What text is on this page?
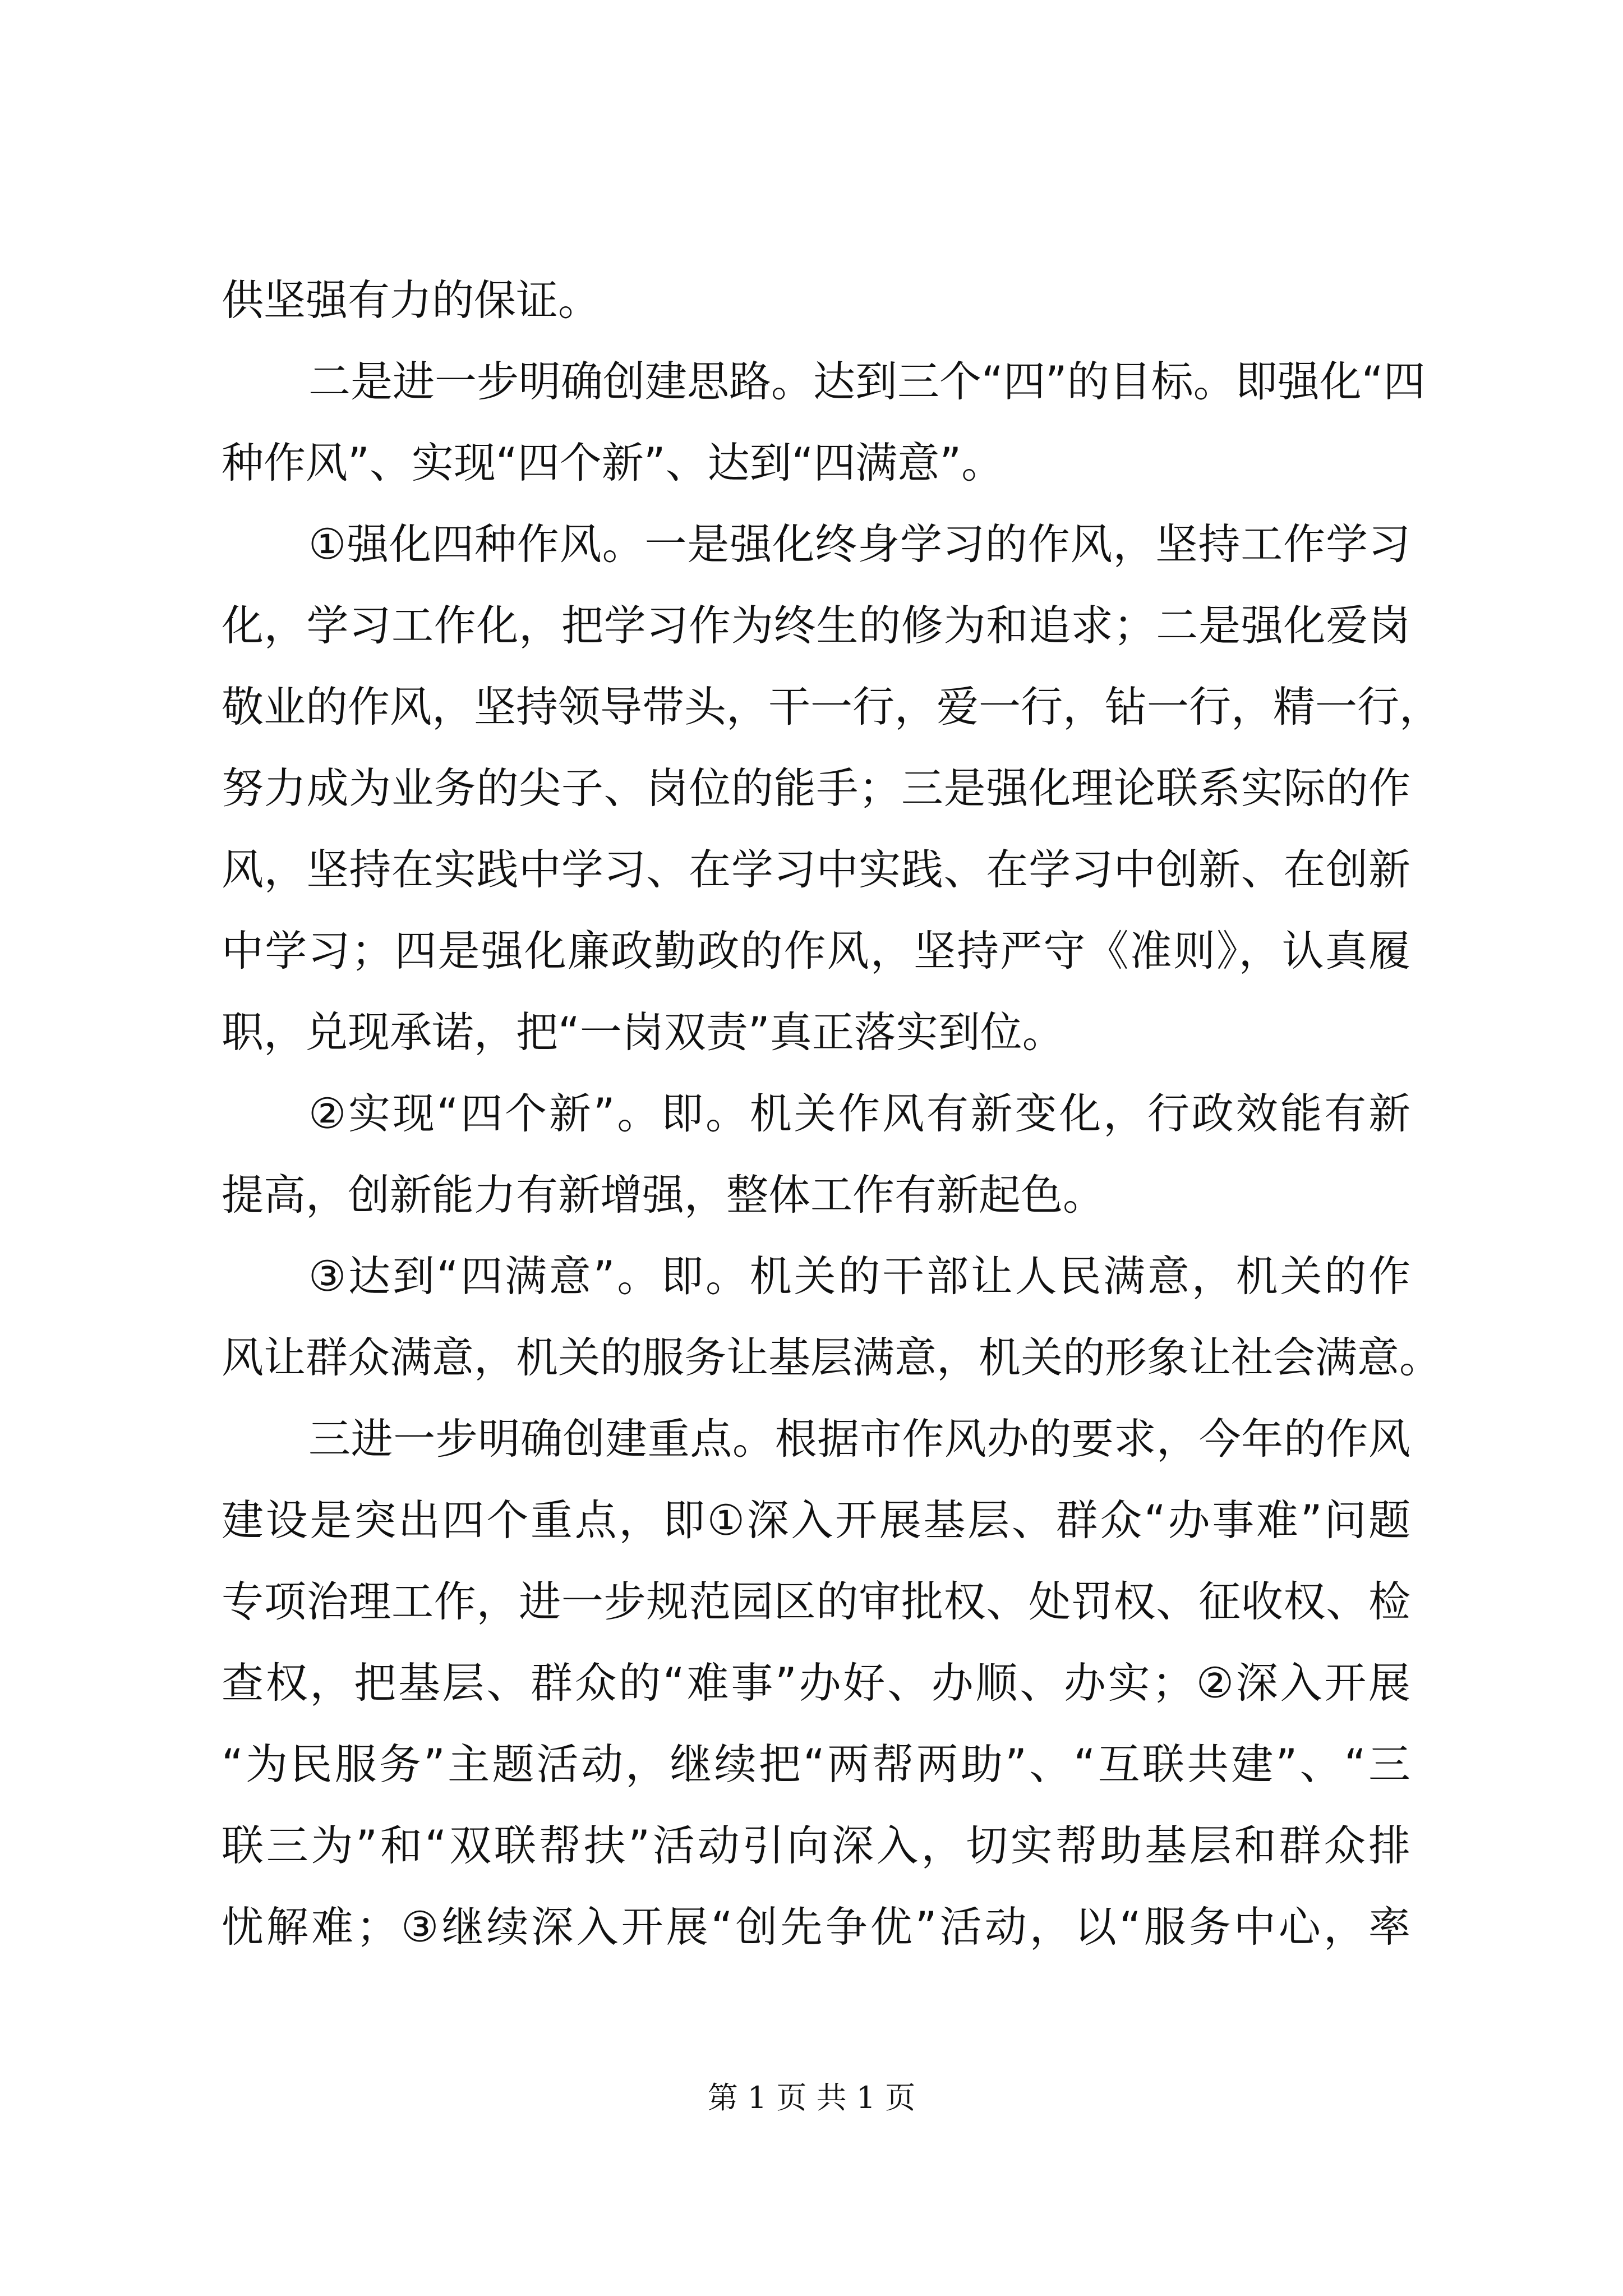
供坚强有力的保证。
二是进一步明确创建思路。达到三个“四”的目标。即强化“四
种作风”、实现“四个新”、达到“四满意”。
①强化四种作风。一是强化终身学习的作风，坚持工作学习
化，学习工作化，把学习作为终生的修为和追求；二是强化爱岗
敬业的作风，坚持领导带头，干一行，爱一行，钻一行，精一行，
努力成为业务的尖子、岗位的能手；三是强化理论联系实际的作
风，坚持在实践中学习、在学习中实践、在学习中创新、在创新
中学习；四是强化廉政勤政的作风，坚持严守《准则》，认真履
职，兑现承诺，把“一岗双责”真正落实到位。
②实现“四个新”。即。机关作风有新变化，行政效能有新
提高，创新能力有新增强，整体工作有新起色。
③达到“四满意”。即。机关的干部让人民满意，机关的作
风让群众满意，机关的服务让基层满意，机关的形象让社会满意。
三进一步明确创建重点。根据市作风办的要求，今年的作风
建设是突出四个重点，即①深入开展基层、群众“办事难”问题
专项治理工作，进一步规范园区的审批权、处罚权、征收权、检
查权，把基层、群众的“难事”办好、办顺、办实；②深入开展
“为民服务”主题活动，继续把“两帮两助”、“互联共建”、“三
联三为”和“双联帮扶”活动引向深入，切实帮助基层和群众排
忧解难；③继续深入开展“创先争优”活动，以“服务中心，率
第 1 页 共 1 页
